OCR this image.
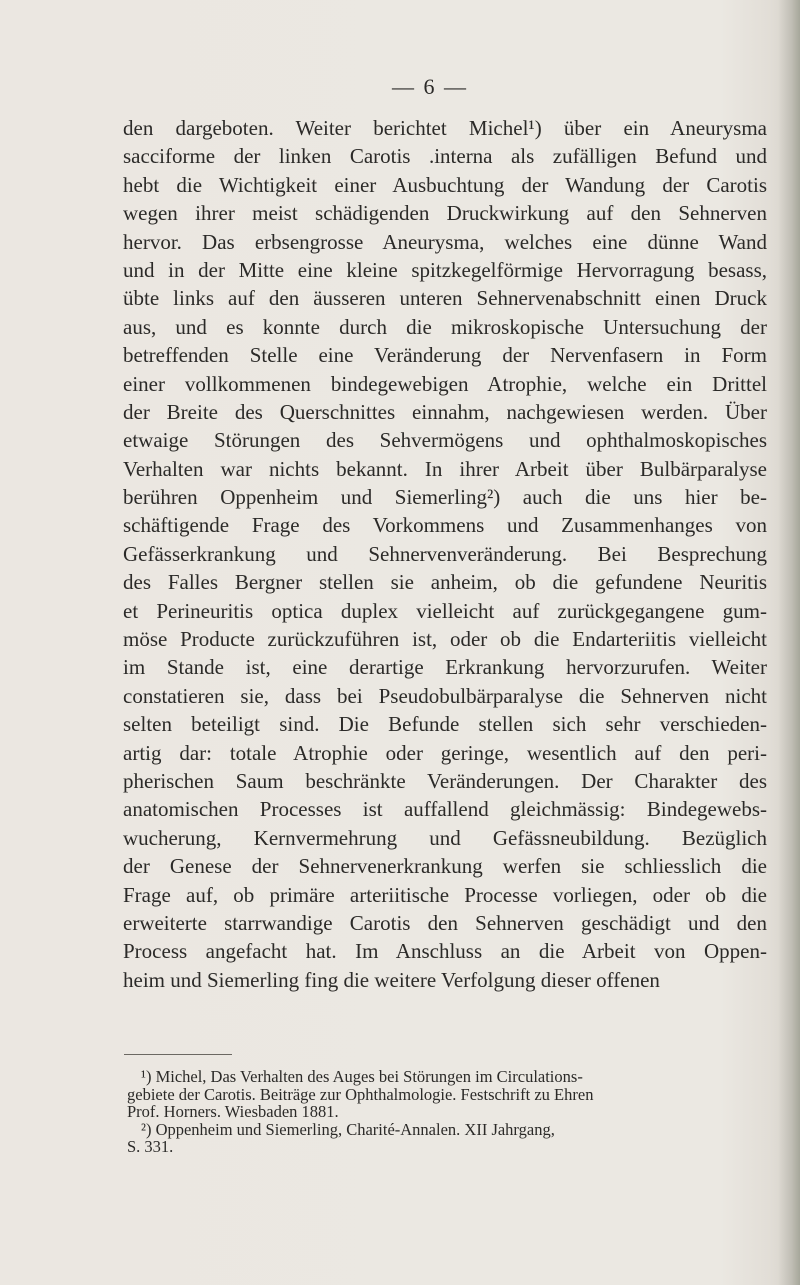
— 6 —
den dargeboten. Weiter berichtet Michel¹) über ein Aneurysma
sacciforme der linken Carotis .interna als zufälligen Befund und
hebt die Wichtigkeit einer Ausbuchtung der Wandung der Carotis
wegen ihrer meist schädigenden Druckwirkung auf den Sehnerven
hervor. Das erbsengrosse Aneurysma, welches eine dünne Wand
und in der Mitte eine kleine spitzkegelförmige Hervorragung besass,
übte links auf den äusseren unteren Sehnervenabschnitt einen Druck
aus, und es konnte durch die mikroskopische Untersuchung der
betreffenden Stelle eine Veränderung der Nervenfasern in Form
einer vollkommenen bindegewebigen Atrophie, welche ein Drittel
der Breite des Querschnittes einnahm, nachgewiesen werden. Über
etwaige Störungen des Sehvermögens und ophthalmoskopisches
Verhalten war nichts bekannt. In ihrer Arbeit über Bulbärparalyse
berühren Oppenheim und Siemerling²) auch die uns hier be-
schäftigende Frage des Vorkommens und Zusammenhanges von
Gefässerkrankung und Sehnervenveränderung. Bei Besprechung
des Falles Bergner stellen sie anheim, ob die gefundene Neuritis
et Perineuritis optica duplex vielleicht auf zurückgegangene gum-
möse Producte zurückzuführen ist, oder ob die Endarteriitis vielleicht
im Stande ist, eine derartige Erkrankung hervorzurufen. Weiter
constatieren sie, dass bei Pseudobulbärparalyse die Sehnerven nicht
selten beteiligt sind. Die Befunde stellen sich sehr verschieden-
artig dar: totale Atrophie oder geringe, wesentlich auf den peri-
pherischen Saum beschränkte Veränderungen. Der Charakter des
anatomischen Processes ist auffallend gleichmässig: Bindegewebs-
wucherung, Kernvermehrung und Gefässneubildung. Bezüglich
der Genese der Sehnervenerkrankung werfen sie schliesslich die
Frage auf, ob primäre arteriitische Processe vorliegen, oder ob die
erweiterte starrwandige Carotis den Sehnerven geschädigt und den
Process angefacht hat. Im Anschluss an die Arbeit von Oppen-
heim und Siemerling fing die weitere Verfolgung dieser offenen
¹) Michel, Das Verhalten des Auges bei Störungen im Circulations-
gebiete der Carotis. Beiträge zur Ophthalmologie. Festschrift zu Ehren
Prof. Horners. Wiesbaden 1881.
²) Oppenheim und Siemerling, Charité-Annalen. XII Jahrgang,
S. 331.
